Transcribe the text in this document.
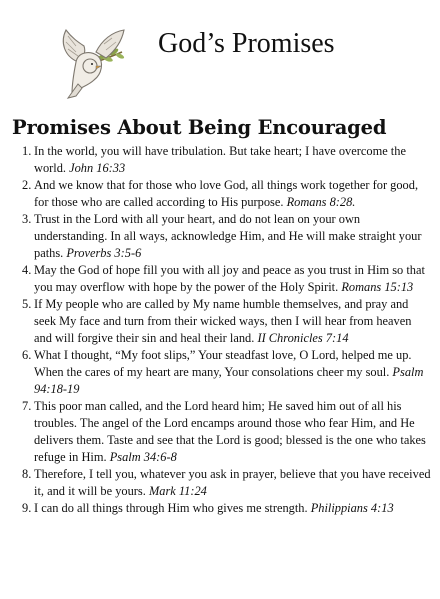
God’s Promises
Promises About Being Encouraged
1. In the world, you will have tribulation. But take heart; I have overcome the world. John 16:33
2. And we know that for those who love God, all things work together for good, for those who are called according to His purpose. Romans 8:28.
3. Trust in the Lord with all your heart, and do not lean on your own understanding. In all ways, acknowledge Him, and He will make straight your paths. Proverbs 3:5-6
4. May the God of hope fill you with all joy and peace as you trust in Him so that you may overflow with hope by the power of the Holy Spirit. Romans 15:13
5. If My people who are called by My name humble themselves, and pray and seek My face and turn from their wicked ways, then I will hear from heaven and will forgive their sin and heal their land. II Chronicles 7:14
6. What I thought, “My foot slips,” Your steadfast love, O Lord, helped me up. When the cares of my heart are many, Your consolations cheer my soul. Psalm 94:18-19
7. This poor man called, and the Lord heard him; He saved him out of all his troubles. The angel of the Lord encamps around those who fear Him, and He delivers them. Taste and see that the Lord is good; blessed is the one who takes refuge in Him. Psalm 34:6-8
8. Therefore, I tell you, whatever you ask in prayer, believe that you have received it, and it will be yours. Mark 11:24
9. I can do all things through Him who gives me strength. Philippians 4:13
